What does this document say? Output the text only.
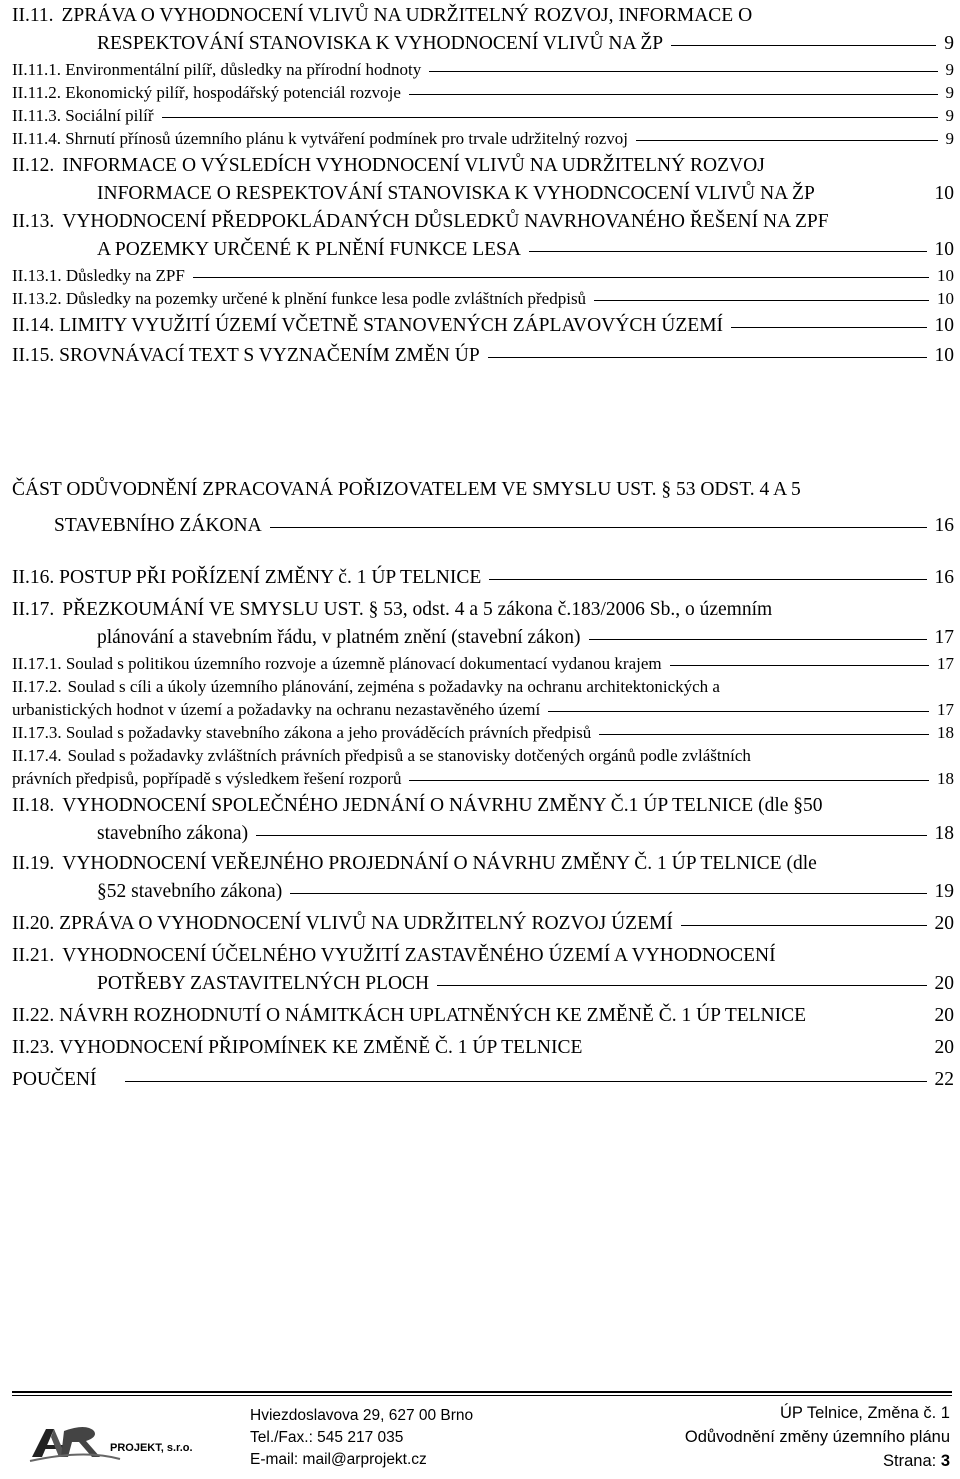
II.11. ZPRÁVA O VYHODNOCENÍ VLIVŮ NA UDRŽITELNÝ ROZVOJ, INFORMACE O
RESPEKTOVÁNÍ STANOVISKA K VYHODNOCENÍ VLIVŮ NA ŽP	9
II.11.1.
Environmentální pilíř, důsledky na přírodní hodnoty	9
II.11.2.
Ekonomický pilíř, hospodářský potenciál rozvoje	9
II.11.3.
Sociální pilíř	9
II.11.4.
Shrnutí přínosů územního plánu k vytváření podmínek pro trvale udržitelný rozvoj	9
II.12. INFORMACE O VÝSLEDÍCH VYHODNOCENÍ VLIVŮ NA UDRŽITELNÝ ROZVOJ
INFORMACE O RESPEKTOVÁNÍ STANOVISKA K VYHODNCOCENÍ VLIVŮ NA ŽP	10
II.13. VYHODNOCENÍ PŘEDPOKLÁDANÝCH DŮSLEDKŮ NAVRHOVANÉHO ŘEŠENÍ NA ZPF
A POZEMKY URČENÉ K PLNĚNÍ FUNKCE LESA	10
II.13.1.
Důsledky na ZPF	10
II.13.2.
Důsledky na pozemky určené k plnění funkce lesa podle zvláštních předpisů	10
II.14.
LIMITY VYUŽITÍ ÚZEMÍ VČETNĚ STANOVENÝCH ZÁPLAVOVÝCH ÚZEMÍ	10
II.15.
SROVNÁVACÍ TEXT S VYZNAČENÍM ZMĚN ÚP	10
ČÁST ODŮVODNĚNÍ ZPRACOVANÁ POŘIZOVATELEM VE SMYSLU UST. § 53 ODST. 4 A 5
STAVEBNÍHO ZÁKONA	16
II.16.
POSTUP PŘI POŘÍZENÍ ZMĚNY č. 1 ÚP TELNICE	16
II.17. PŘEZKOUMÁNÍ VE SMYSLU UST. § 53, odst. 4 a 5 zákona č.183/2006 Sb., o územním
plánování a stavebním řádu, v platném znění (stavební zákon)	17
II.17.1.
Soulad s politikou územního rozvoje a územně plánovací dokumentací vydanou krajem	17
II.17.2. Soulad s cíli a úkoly územního plánování, zejména s požadavky na ochranu architektonických a
urbanistických hodnot v území a požadavky na ochranu nezastavěného území	17
II.17.3.
Soulad s požadavky stavebního zákona a jeho prováděcích právních předpisů	18
II.17.4. Soulad s požadavky zvláštních právních předpisů a se stanovisky dotčených orgánů podle zvláštních
právních předpisů, popřípadě s výsledkem řešení rozporů	18
II.18. VYHODNOCENÍ SPOLEČNÉHO JEDNÁNÍ O NÁVRHU ZMĚNY Č.1 ÚP TELNICE (dle §50
stavebního zákona)	18
II.19. VYHODNOCENÍ VEŘEJNÉHO PROJEDNÁNÍ O NÁVRHU ZMĚNY Č. 1 ÚP TELNICE (dle
§52 stavebního zákona)	19
II.20.
ZPRÁVA O VYHODNOCENÍ VLIVŮ NA UDRŽITELNÝ ROZVOJ ÚZEMÍ	20
II.21. VYHODNOCENÍ ÚČELNÉHO VYUŽITÍ ZASTAVĚNÉHO ÚZEMÍ A VYHODNOCENÍ
POTŘEBY ZASTAVITELNÝCH PLOCH	20
II.22.
NÁVRH ROZHODNUTÍ O NÁMITKÁCH UPLATNĚNÝCH KE ZMĚNĚ Č. 1 ÚP TELNICE	20
II.23.
VYHODNOCENÍ PŘIPOMÍNEK KE ZMĚNĚ Č. 1 ÚP TELNICE	20
POUČENÍ	22
PROJEKT, s.r.o.
Hviezdoslavova 29, 627 00 Brno
Tel./Fax.: 545 217 035
E-mail: mail@arprojekt.cz
ÚP Telnice, Změna č. 1
Odůvodnění změny územního plánu
Strana: 3
